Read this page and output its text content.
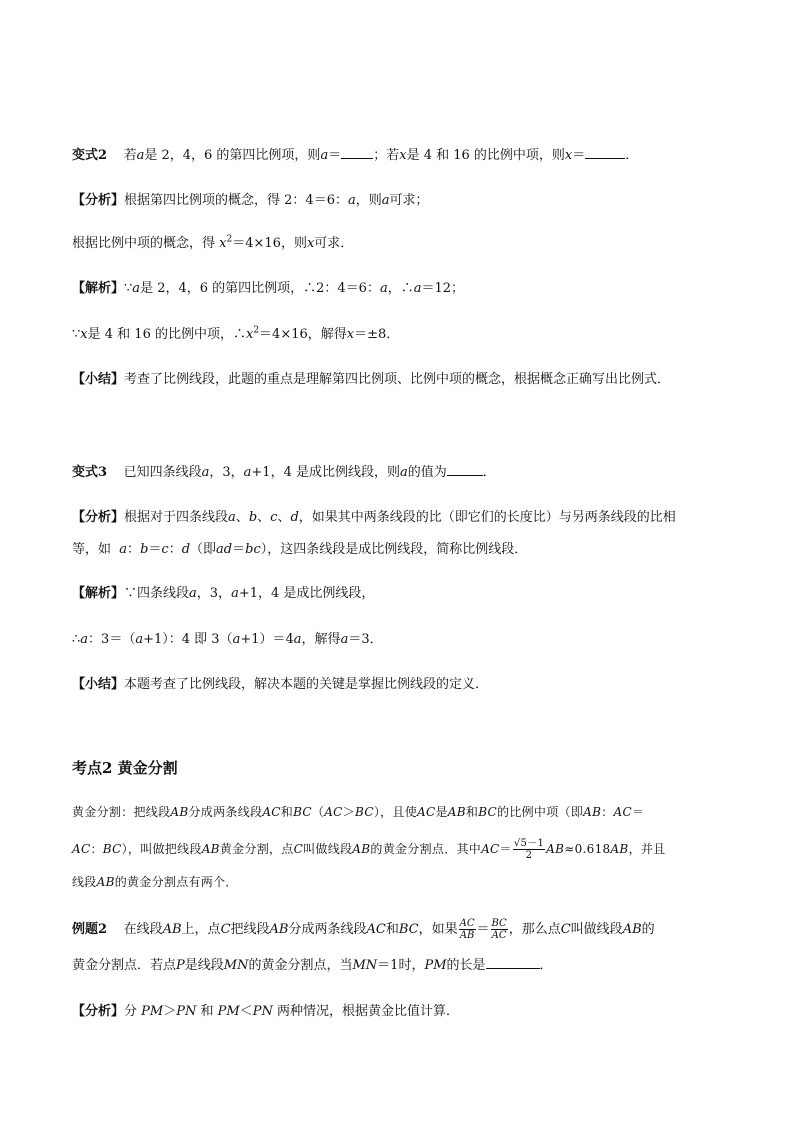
变式2 若a是 2，4，6 的第四比例项，则a＝ ；若x是 4 和 16 的比例中项，则x＝	．
【分析】根据第四比例项的概念，得 2：4＝6：a，则a可求；
根据比例中项的概念，得 $x^2=4\times 16$，则x可求．
【解析】∵a是 2，4，6 的第四比例项，∴2：4＝6：a，∴a＝12；
∵x是 4 和 16 的比例中项，$\therefore x^2=4\times 16$，解得x＝±8．
【小结】考查了比例线段，此题的重点是理解第四比例项、比例中项的概念，根据概念正确写出比例式．
变式3 已知四条线段a，3，a+1，4 是成比例线段，则a的值为	．
【分析】根据对于四条线段a、b、c、d，如果其中两条线段的比（即它们的长度比）与另两条线段的比相
等，如 a：b＝c：d（即ad＝bc），这四条线段是成比例线段，简称比例线段．
【解析】∵四条线段a，3，a+1，4 是成比例线段，
∴a：3＝（a+1）：4 即 3（a+1）＝4a，解得a＝3．
【小结】本题考查了比例线段，解决本题的关键是掌握比例线段的定义．
考点2 黄金分割
黄金分割：把线段AB分成两条线段AC和BC（AC＞BC），且使AC是AB和BC的比例中项（即AB：AC＝
AC：BC），叫做把线段AB黄金分割，点C叫做线段AB的黄金分割点．其中$AC= \frac{√5-1}{2} AB\approx 0.618AB$，并且
线段AB的黄金分割点有两个．
例题2 在线段AB上，点C把线段AB分成两条线段AC和BC，如果 $\frac{AC}{AB} = \frac{BC}{AC}$ ，那么点C叫做线段AB的
黄金分割点．若点P是线段MN的黄金分割点，当MN＝1时，PM的长是	．
【分析】分 PM＞PN 和 PM＜PN 两种情况，根据黄金比值计算．
